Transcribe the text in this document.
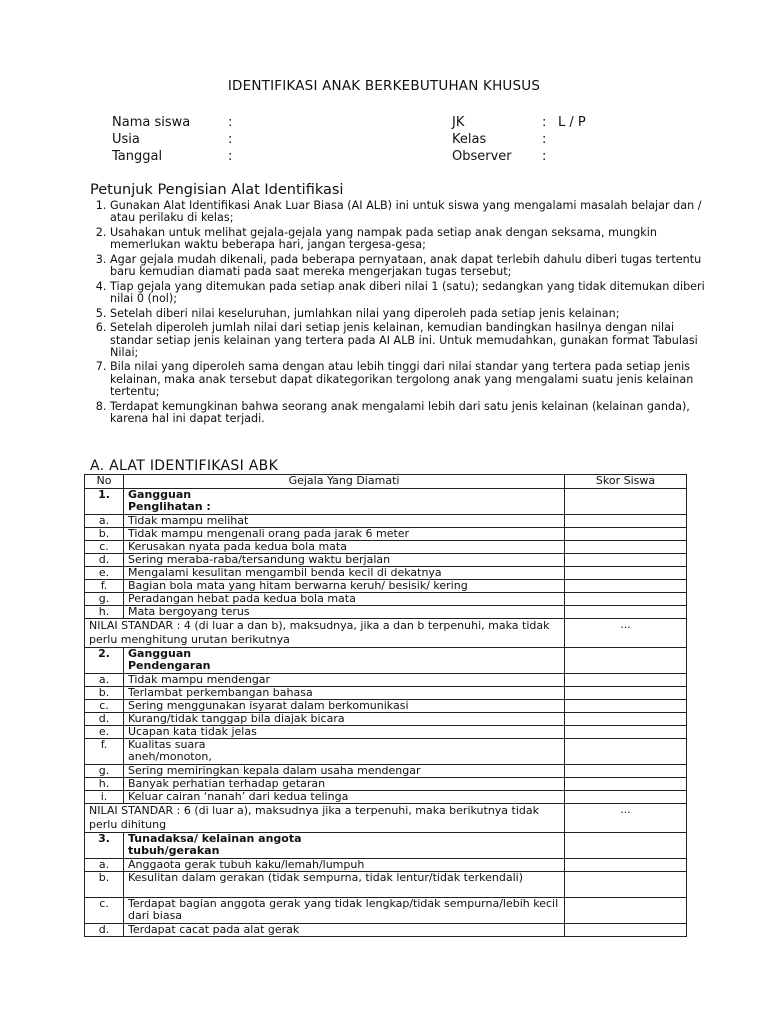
IDENTIFIKASI ANAK BERKEBUTUHAN KHUSUS
Nama siswa	:
Usia	:
Tanggal	:
JK	: L / P
Kelas	:
Observer :
Petunjuk Pengisian Alat Identifikasi
1. Gunakan Alat Identifikasi Anak Luar Biasa (AI ALB) ini untuk siswa yang mengalami masalah belajar dan / atau perilaku di kelas;
2. Usahakan untuk melihat gejala-gejala yang nampak pada setiap anak dengan seksama, mungkin memerlukan waktu beberapa hari, jangan tergesa-gesa;
3. Agar gejala mudah dikenali, pada beberapa pernyataan, anak dapat terlebih dahulu diberi tugas tertentu baru kemudian diamati pada saat mereka mengerjakan tugas tersebut;
4. Tiap gejala yang ditemukan pada setiap anak diberi nilai 1 (satu); sedangkan yang tidak ditemukan diberi nilai 0 (nol);
5. Setelah diberi nilai keseluruhan, jumlahkan nilai yang diperoleh pada setiap jenis kelainan;
6. Setelah diperoleh jumlah nilai dari setiap jenis kelainan, kemudian bandingkan hasilnya dengan nilai standar setiap jenis kelainan yang tertera pada AI ALB ini. Untuk memudahkan, gunakan format Tabulasi Nilai;
7. Bila nilai yang diperoleh sama dengan atau lebih tinggi dari nilai standar yang tertera pada setiap jenis kelainan, maka anak tersebut dapat dikategorikan tergolong anak yang mengalami suatu jenis kelainan tertentu;
8. Terdapat kemungkinan bahwa seorang anak mengalami lebih dari satu jenis kelainan (kelainan ganda), karena hal ini dapat terjadi.
A. ALAT IDENTIFIKASI ABK
No	Gejala Yang Diamati	Skor Siswa
1.	Gangguan
Penglihatan :	
a.	Tidak mampu melihat	
b.	Tidak mampu mengenali orang pada jarak 6 meter	
c.	Kerusakan nyata pada kedua bola mata	
d.	Sering meraba-raba/tersandung waktu berjalan	
e.	Mengalami kesulitan mengambil benda kecil di dekatnya	
f.	Bagian bola mata yang hitam berwarna keruh/ besisik/ kering	
g.	Peradangan hebat pada kedua bola mata	
h.	Mata bergoyang terus	
NILAI STANDAR : 4 (di luar a dan b), maksudnya, jika a dan b terpenuhi, maka tidak perlu menghitung urutan berikutnya		...
2.	Gangguan
Pendengaran	
a.	Tidak mampu mendengar	
b.	Terlambat perkembangan bahasa	
c.	Sering menggunakan isyarat dalam berkomunikasi	
d.	Kurang/tidak tanggap bila diajak bicara	
e.	Ucapan kata tidak jelas	
f.	Kualitas suara
aneh/monoton,	
g.	Sering memiringkan kepala dalam usaha mendengar	
h.	Banyak perhatian terhadap getaran	
i.	Keluar cairan ‘nanah’ dari kedua telinga	
NILAI STANDAR : 6 (di luar a), maksudnya jika a terpenuhi, maka berikutnya tidak perlu dihitung		...
3.	Tunadaksa/ kelainan angota
tubuh/gerakan	
a.	Anggaota gerak tubuh kaku/lemah/lumpuh	
b.	Kesulitan dalam gerakan (tidak sempurna, tidak lentur/tidak terkendali)	
c.	Terdapat bagian anggota gerak yang tidak lengkap/tidak sempurna/lebih kecil dari biasa	
d.	Terdapat cacat pada alat gerak	
